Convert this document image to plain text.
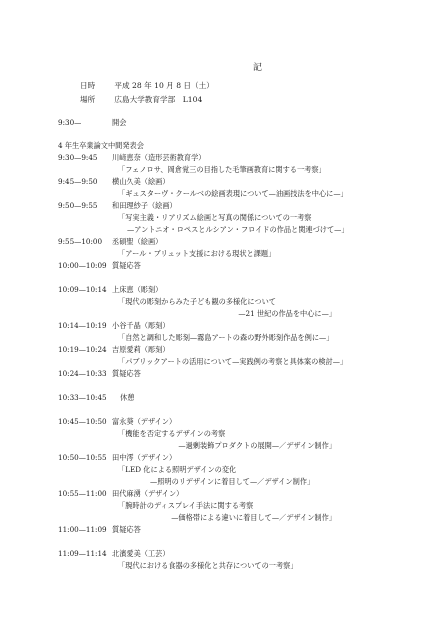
記
日時	平成 28 年 10 月 8 日（土）
場所	広島大学教育学部　L104
9:30—	開会
4 年生卒業論文中間発表会
9:30—9:45 川﨑恵奈（造形芸術教育学）
「フェノロサ、岡倉覚三の目指した毛筆画教育に関する一考察」
9:45—9:50 横山久美（絵画）
「ギュスターヴ・クールベの絵画表現について—油画技法を中心に—」
9:50—9:55 和田理紗子（絵画）
「写実主義・リアリズム絵画と写真の関係についての一考察
—アントニオ・ロペスとルシアン・フロイドの作品と関連づけて—」
9:55—10:00 丞碩聖（絵画）
「アール・ブリュット支援における現状と課題」
10:00—10:09 質疑応答
10:09—10:14 上床恵（彫刻）
「現代の彫刻からみた子ども観の多様化について
—21 世紀の作品を中心に—」
10:14—10:19 小谷千晶（彫刻）
「自然と調和した彫刻—霧島アートの森の野外彫刻作品を例に—」
10:19—10:24 吉原愛莉（彫刻）
「パブリックアートの活用について—実践例の考察と具体案の検討—」
10:24—10:33 質疑応答
10:33—10:45 休憩
10:45—10:50 富永葵（デザイン）
「機能を否定するデザインの考察
—過剰装飾プロダクトの展開—／デザイン制作」
10:50—10:55 田中澪（デザイン）
「LED 化による照明デザインの変化
—照明のリデザインに着目して—／デザイン制作」
10:55—11:00 田代麻湧（デザイン）
「腕時計のディスプレイ手法に関する考察
—価格帯による違いに着目して—／デザイン制作」
11:00—11:09 質疑応答
11:09—11:14 北濱愛美（工芸）
「現代における食器の多様化と共存についての一考察」
